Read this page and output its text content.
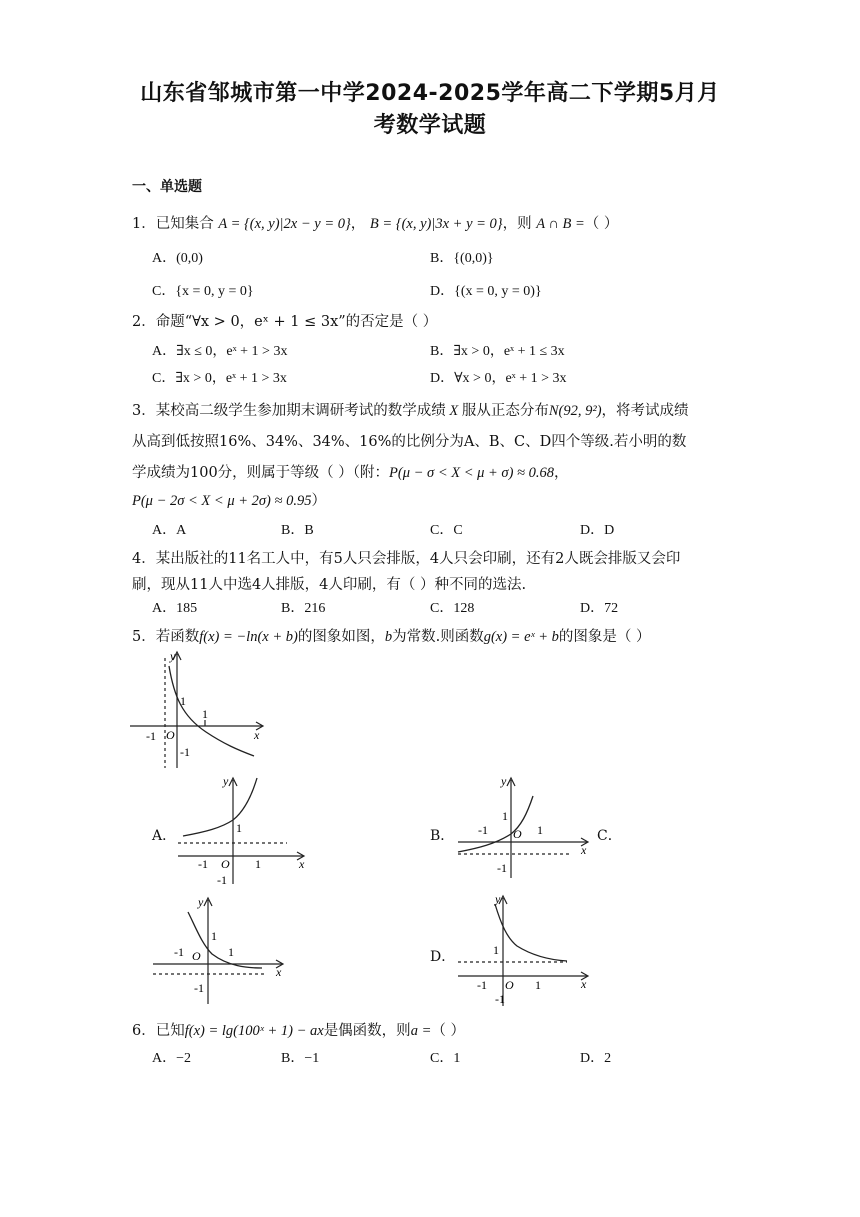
山东省邹城市第一中学2024-2025学年高二下学期5月月
考数学试题
一、单选题
1．已知集合 A = {(x, y)|2x − y = 0}， B = {(x, y)|3x + y = 0}，则 A ∩ B =（ ）
A．(0,0)	B．{(0,0)}
C．{x = 0, y = 0}	D．{(x = 0, y = 0)}
2．命题“∀x > 0，eˣ + 1 ≤ 3x”的否定是（ ）
A．∃x ≤ 0，eˣ + 1 > 3x	B．∃x > 0，eˣ + 1 ≤ 3x
C．∃x > 0，eˣ + 1 > 3x	D．∀x > 0，eˣ + 1 > 3x
3．某校高二级学生参加期末调研考试的数学成绩 X 服从正态分布N(92, 9²)，将考试成绩
从高到低按照16%、34%、34%、16%的比例分为A、B、C、D四个等级.若小明的数
学成绩为100分，则属于等级（ ）（附：P(μ − σ < X < μ + σ) ≈ 0.68，
P(μ − 2σ < X < μ + 2σ) ≈ 0.95）
A．A	B．B	C．C	D．D
4．某出版社的11名工人中，有5人只会排版，4人只会印刷，还有2人既会排版又会印
刷，现从11人中选4人排版，4人印刷，有（ ）种不同的选法.
A．185	B．216	C．128	D．72
5．若函数f(x) = −ln(x + b)的图象如图，b为常数.则函数g(x) = eˣ + b的图象是（ ）
y
x
O
1
1
-1
-1
A．
y
x
O
1
1
-1
-1
B．
y
x
O
1
1
-1
-1
C．
y
x
O
1
1
-1
-1
D．
y
x
O
1
1
-1
-1
6．已知f(x) = lg(100ˣ + 1) − ax是偶函数，则a =（ ）
A．−2	B．−1	C．1	D．2
